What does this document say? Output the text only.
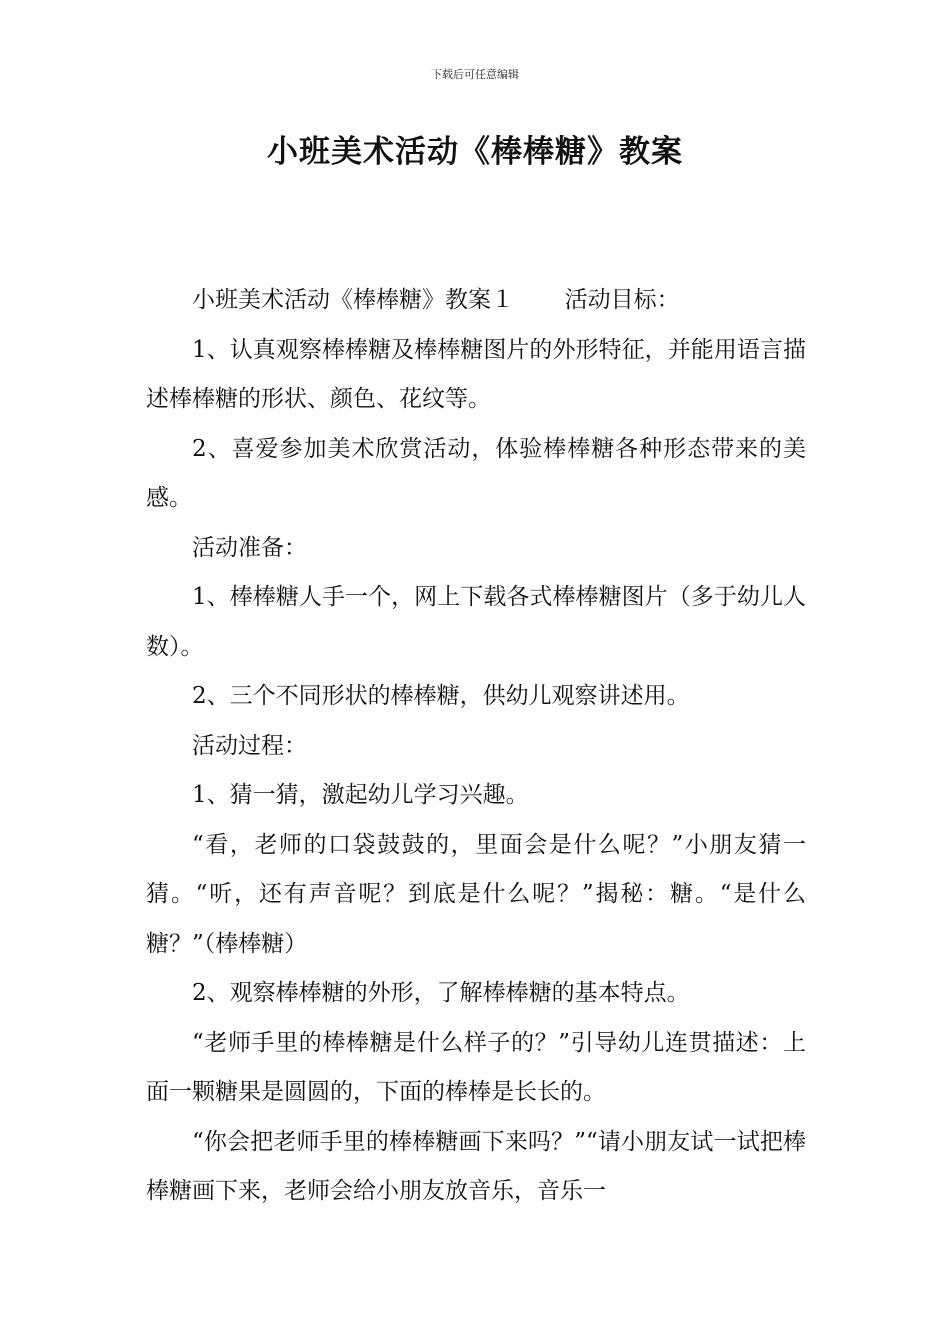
下载后可任意编辑
小班美术活动《棒棒糖》教案

小班美术活动《棒棒糖》教案１ 活动目标：

1、认真观察棒棒糖及棒棒糖图片的外形特征，并能用语言描述棒棒糖的形状、颜色、花纹等。

2、喜爱参加美术欣赏活动，体验棒棒糖各种形态带来的美感。

活动准备：

1、棒棒糖人手一个，网上下载各式棒棒糖图片（多于幼儿人数）。

2、三个不同形状的棒棒糖，供幼儿观察讲述用。

活动过程：

1、猜一猜，激起幼儿学习兴趣。

“看，老师的口袋鼓鼓的，里面会是什么呢？”小朋友猜一猜。“听，还有声音呢？到底是什么呢？”揭秘：糖。“是什么糖？”（棒棒糖）

2、观察棒棒糖的外形，了解棒棒糖的基本特点。

“老师手里的棒棒糖是什么样子的？”引导幼儿连贯描述：上面一颗糖果是圆圆的，下面的棒棒是长长的。

“你会把老师手里的棒棒糖画下来吗？”“请小朋友试一试把棒棒糖画下来，老师会给小朋友放音乐，音乐一
